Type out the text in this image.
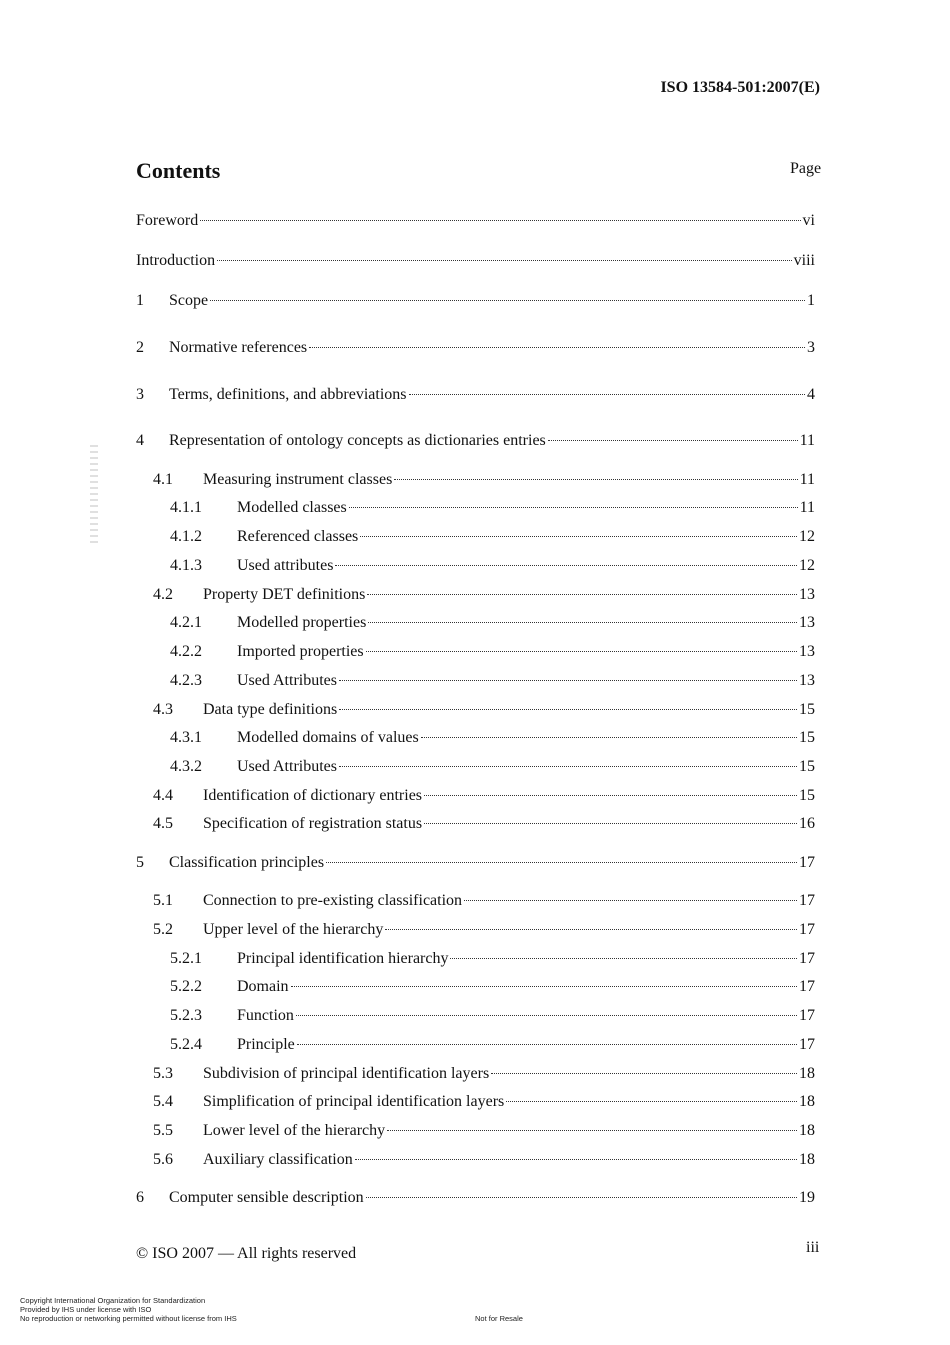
ISO 13584-501:2007(E)
Contents	Page
Foreword	vi
Introduction	viii
1	Scope	1
2	Normative references	3
3	Terms, definitions, and abbreviations	4
4	Representation of ontology concepts as dictionaries entries	11
4.1	Measuring instrument classes	11
4.1.1	Modelled classes	11
4.1.2	Referenced classes	12
4.1.3	Used attributes	12
4.2	Property DET definitions	13
4.2.1	Modelled properties	13
4.2.2	Imported properties	13
4.2.3	Used Attributes	13
4.3	Data type definitions	15
4.3.1	Modelled domains of values	15
4.3.2	Used Attributes	15
4.4	Identification of dictionary entries	15
4.5	Specification of registration status	16
5	Classification principles	17
5.1	Connection to pre-existing classification	17
5.2	Upper level of the hierarchy	17
5.2.1	Principal identification hierarchy	17
5.2.2	Domain	17
5.2.3	Function	17
5.2.4	Principle	17
5.3	Subdivision of principal identification layers	18
5.4	Simplification of principal identification layers	18
5.5	Lower level of the hierarchy	18
5.6	Auxiliary classification	18
6	Computer sensible description	19
© ISO 2007 — All rights reserved	iii
Copyright International Organization for Standardization
Provided by IHS under license with ISO
No reproduction or networking permitted without license from IHS	Not for Resale
